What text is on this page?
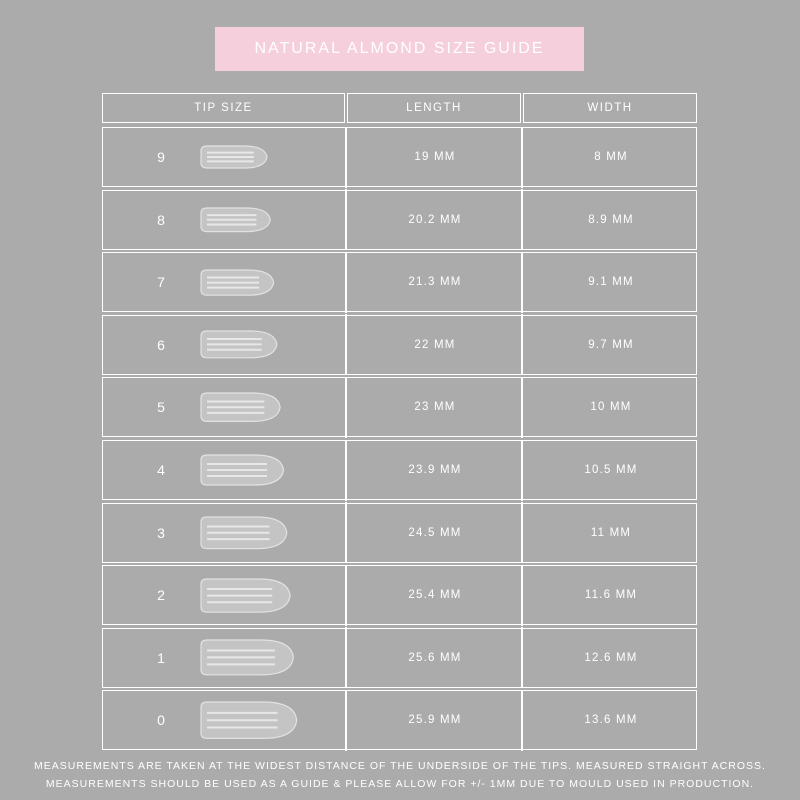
NATURAL ALMOND SIZE GUIDE
TIP SIZE	LENGTH	WIDTH
9	19 MM	8 MM
8	20.2 MM	8.9 MM
7	21.3 MM	9.1 MM
6	22 MM	9.7 MM
5	23 MM	10 MM
4	23.9 MM	10.5 MM
3	24.5 MM	11 MM
2	25.4 MM	11.6 MM
1	25.6 MM	12.6 MM
0	25.9 MM	13.6 MM
MEASUREMENTS ARE TAKEN AT THE WIDEST DISTANCE OF THE UNDERSIDE OF THE TIPS. MEASURED STRAIGHT ACROSS.
MEASUREMENTS SHOULD BE USED AS A GUIDE & PLEASE ALLOW FOR +/- 1MM DUE TO MOULD USED IN PRODUCTION.
